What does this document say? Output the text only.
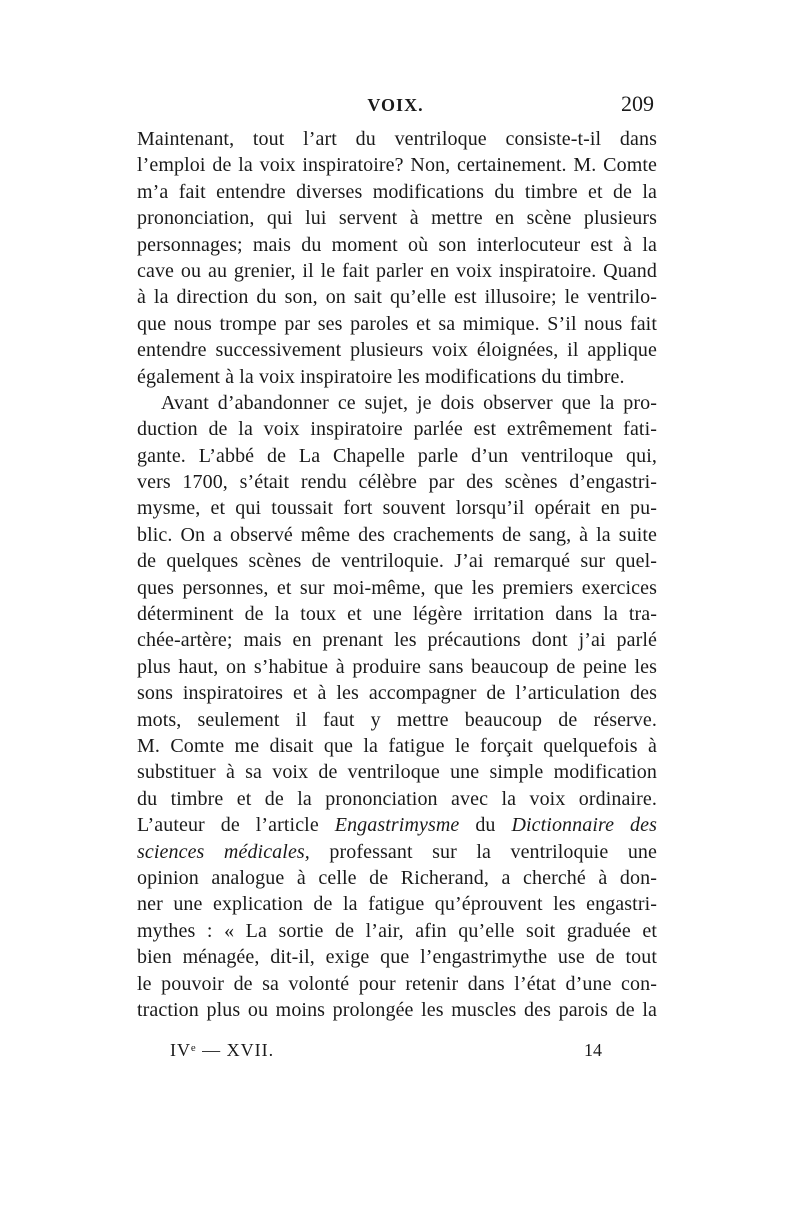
VOIX.	209
Maintenant, tout l’art du ventriloque consiste-t-il dans
l’emploi de la voix inspiratoire? Non, certainement. M. Comte
m’a fait entendre diverses modifications du timbre et de la
prononciation, qui lui servent à mettre en scène plusieurs
personnages; mais du moment où son interlocuteur est à la
cave ou au grenier, il le fait parler en voix inspiratoire. Quand
à la direction du son, on sait qu’elle est illusoire; le ventrilo-
que nous trompe par ses paroles et sa mimique. S’il nous fait
entendre successivement plusieurs voix éloignées, il applique
également à la voix inspiratoire les modifications du timbre.
Avant d’abandonner ce sujet, je dois observer que la pro-
duction de la voix inspiratoire parlée est extrêmement fati-
gante. L’abbé de La Chapelle parle d’un ventriloque qui,
vers 1700, s’était rendu célèbre par des scènes d’engastri-
mysme, et qui toussait fort souvent lorsqu’il opérait en pu-
blic. On a observé même des crachements de sang, à la suite
de quelques scènes de ventriloquie. J’ai remarqué sur quel-
ques personnes, et sur moi-même, que les premiers exercices
déterminent de la toux et une légère irritation dans la tra-
chée-artère; mais en prenant les précautions dont j’ai parlé
plus haut, on s’habitue à produire sans beaucoup de peine les
sons inspiratoires et à les accompagner de l’articulation des
mots, seulement il faut y mettre beaucoup de réserve.
M. Comte me disait que la fatigue le forçait quelquefois à
substituer à sa voix de ventriloque une simple modification
du timbre et de la prononciation avec la voix ordinaire.
L’auteur de l’article Engastrimysme du Dictionnaire des
sciences médicales, professant sur la ventriloquie une
opinion analogue à celle de Richerand, a cherché à don-
ner une explication de la fatigue qu’éprouvent les engastri-
mythes : « La sortie de l’air, afin qu’elle soit graduée et
bien ménagée, dit-il, exige que l’engastrimythe use de tout
le pouvoir de sa volonté pour retenir dans l’état d’une con-
traction plus ou moins prolongée les muscles des parois de la
IVᵉ — XVII.	14
